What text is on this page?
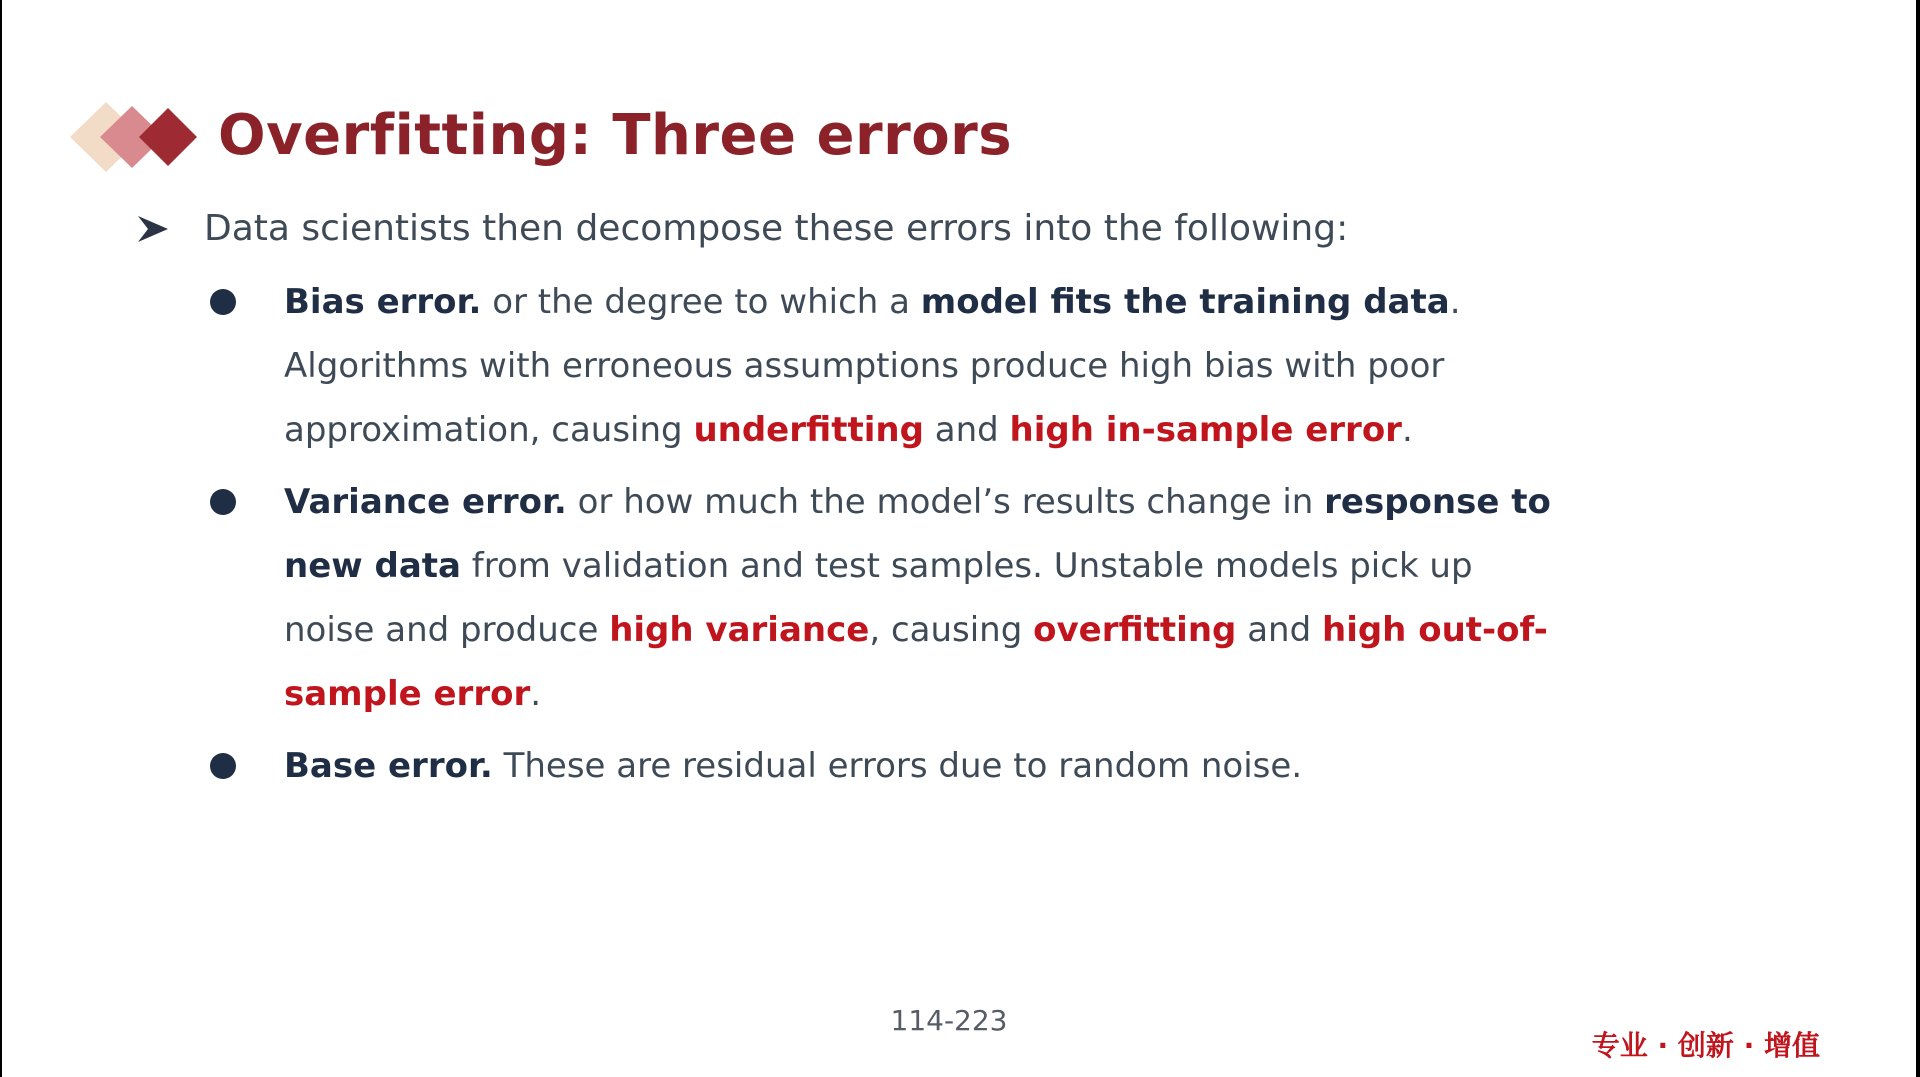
Overfitting: Three errors

Data scientists then decompose these errors into the following:

Bias error. or the degree to which a model fits the training data.
Algorithms with erroneous assumptions produce high bias with poor
approximation, causing underfitting and high in-sample error.
Variance error. or how much the model’s results change in response to
new data from validation and test samples. Unstable models pick up
noise and produce high variance, causing overfitting and high out-of-
sample error.
Base error. These are residual errors due to random noise.
114-223
专业 · 创新 · 增值
